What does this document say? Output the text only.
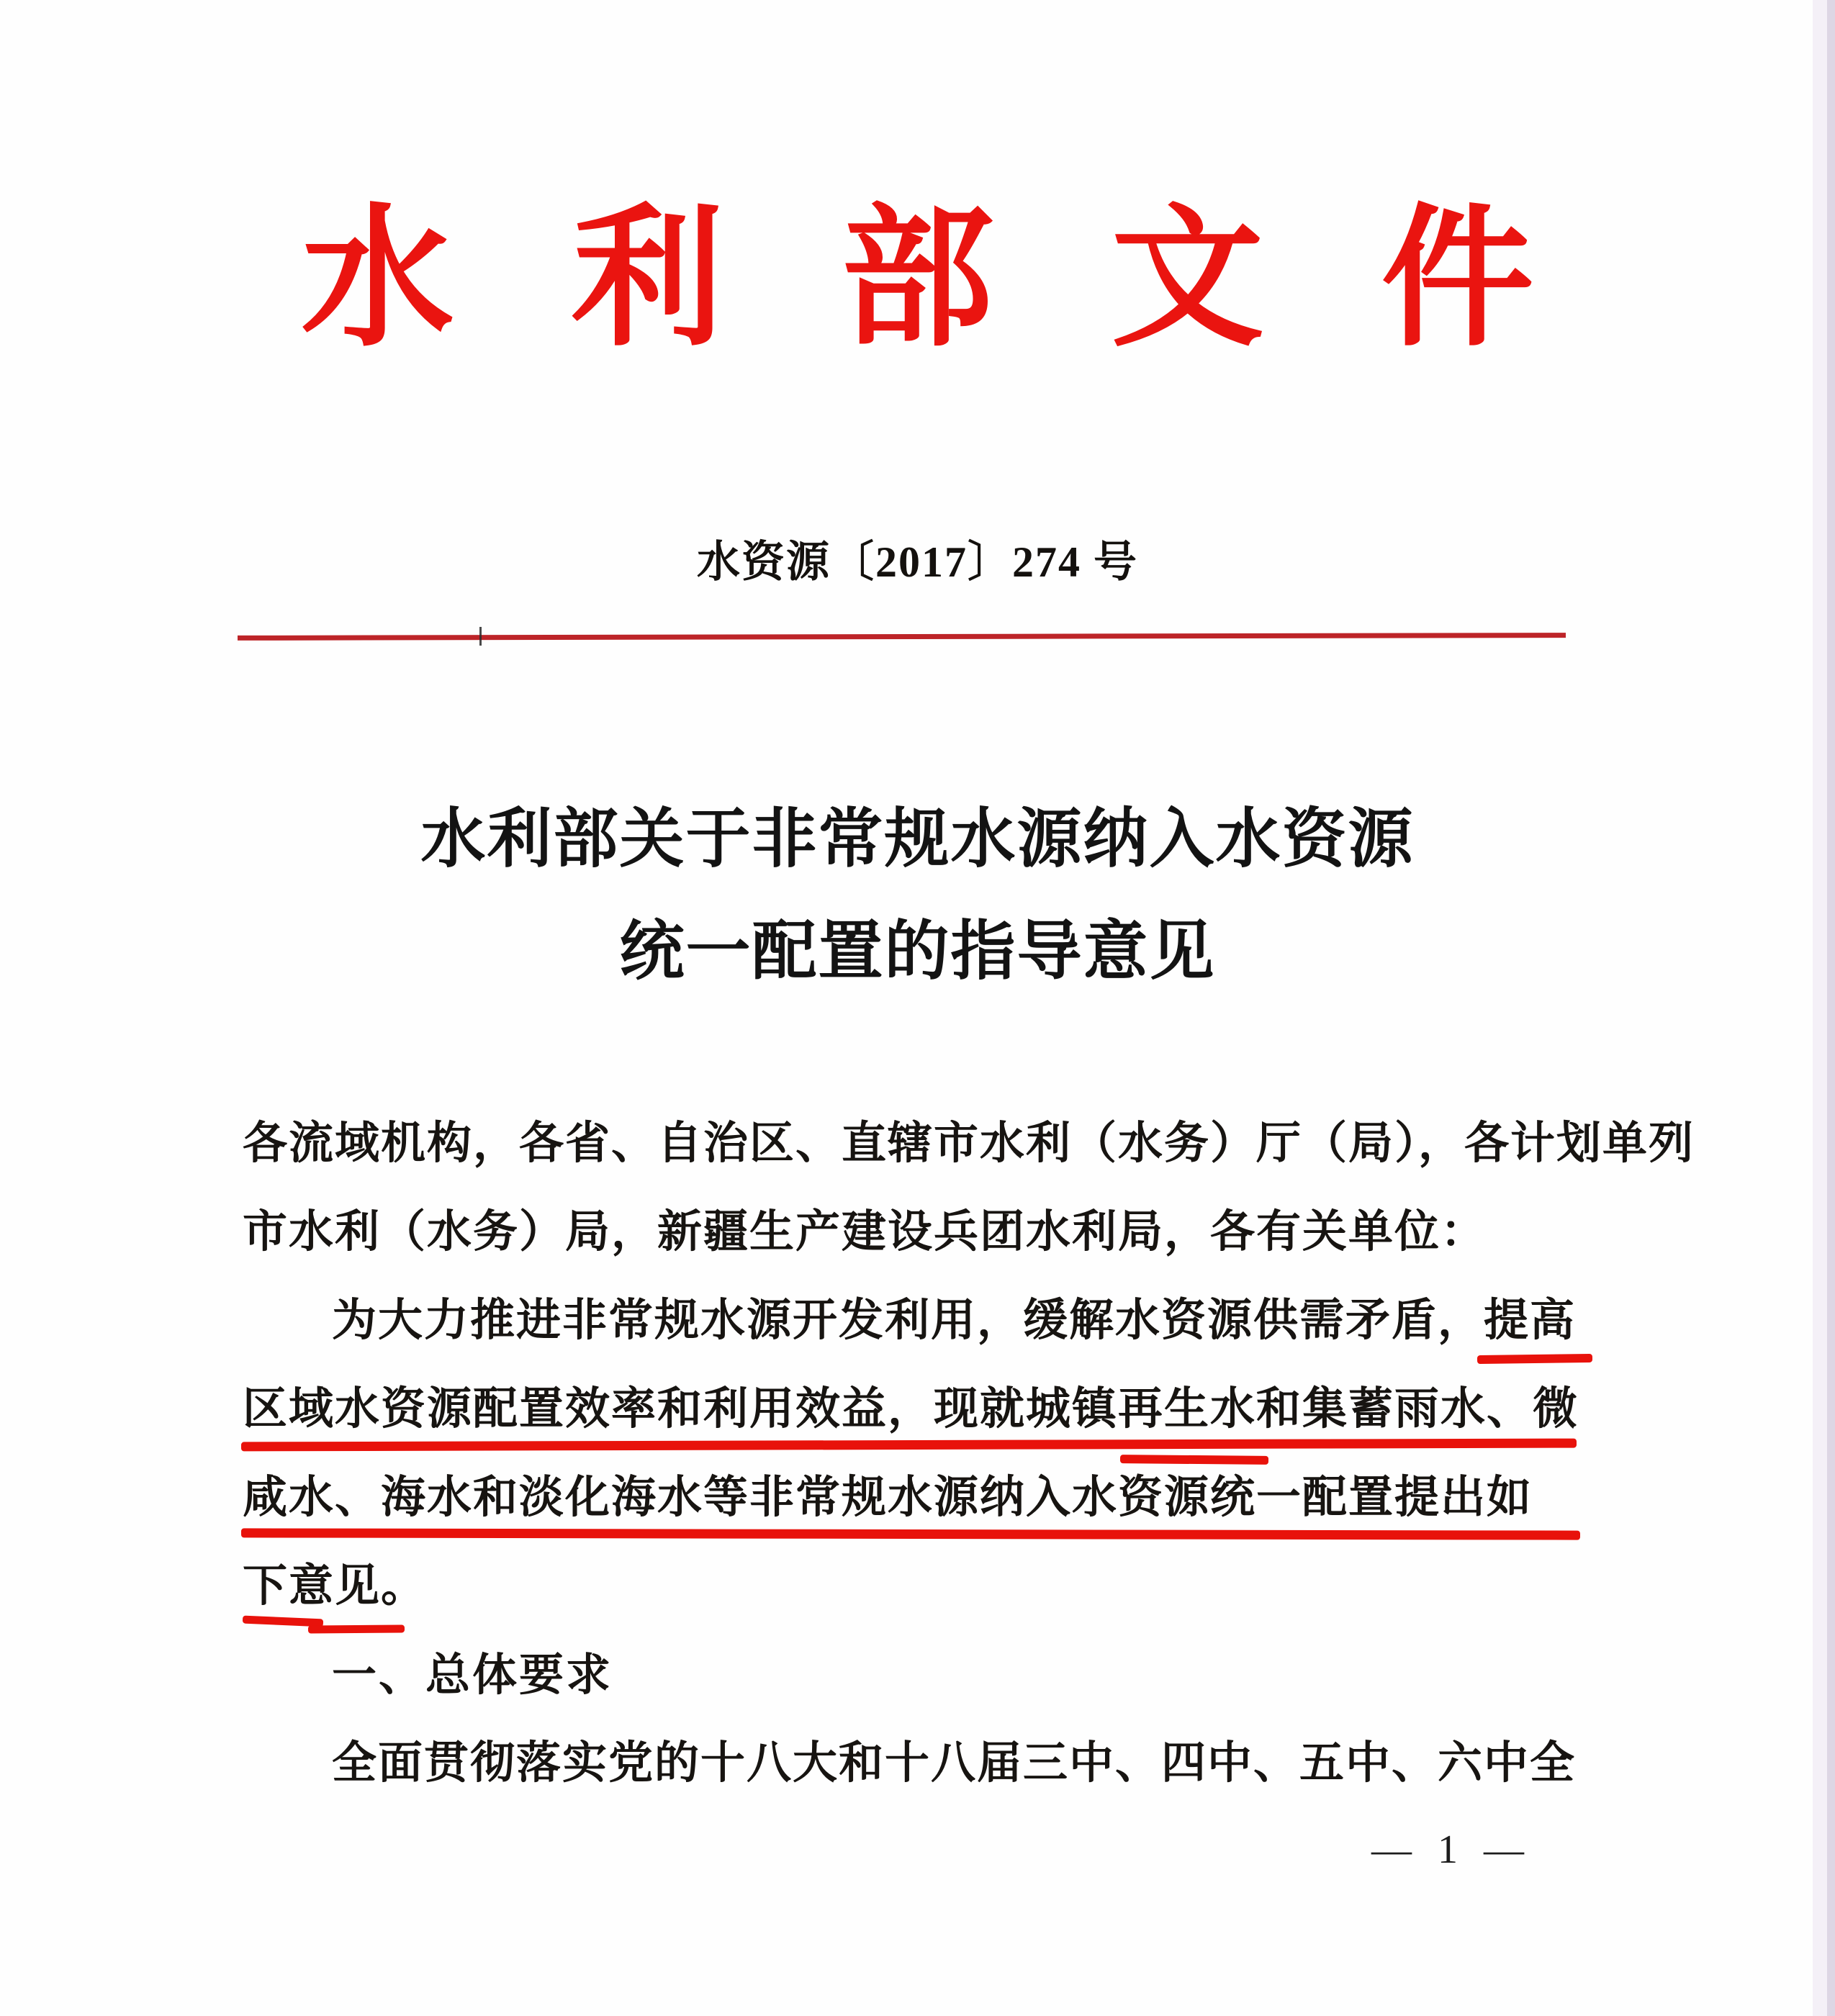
水利部文件
水资源〔2017〕274 号
水利部关于非常规水源纳入水资源
统一配置的指导意见
各流域机构，各省、自治区、直辖市水利（水务）厅（局），各计划单列
市水利（水务）局，新疆生产建设兵团水利局，各有关单位：
为大力推进非常规水源开发利用，缓解水资源供需矛盾，提高
区域水资源配置效率和利用效益，现就城镇再生水和集蓄雨水、微
咸水、海水和淡化海水等非常规水源纳入水资源统一配置提出如
下意见。
一、总体要求
全面贯彻落实党的十八大和十八届三中、四中、五中、六中全
— 1 —
